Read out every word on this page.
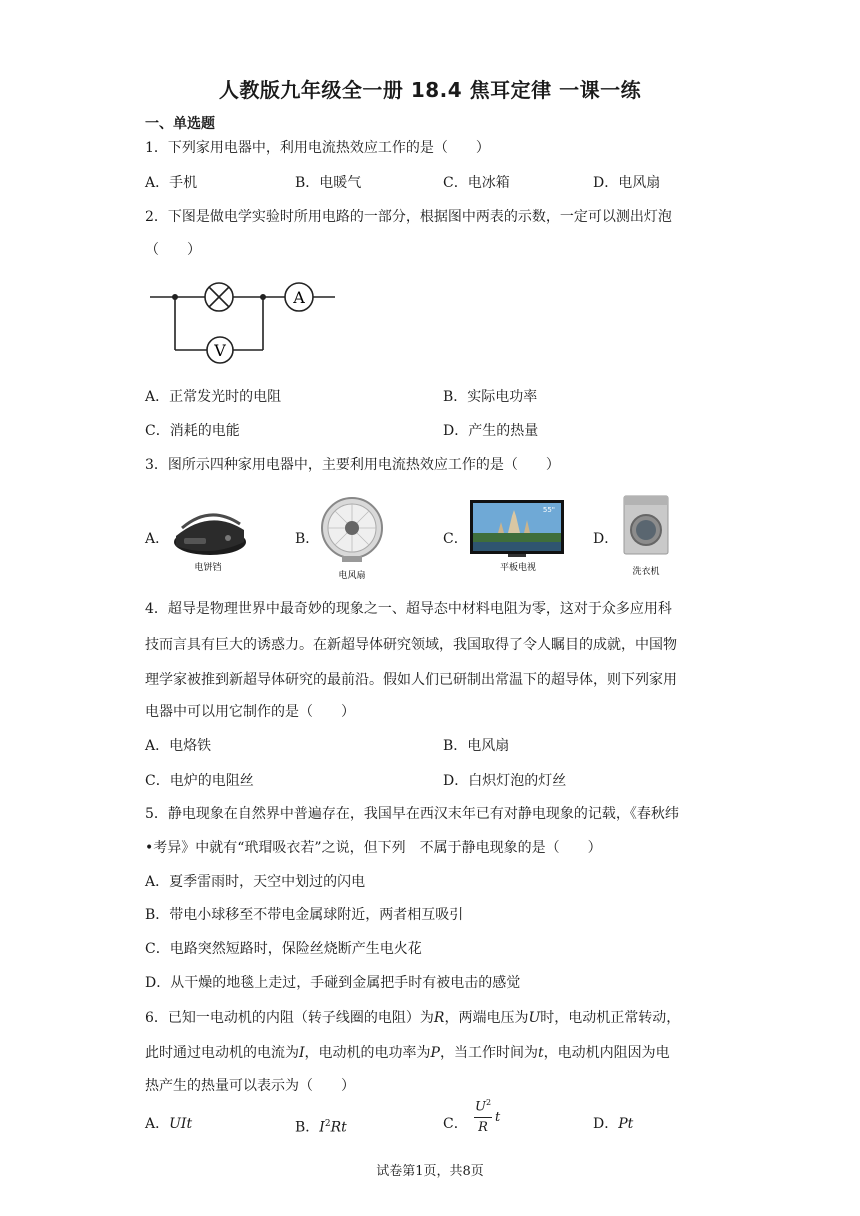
人教版九年级全一册 18.4 焦耳定律 一课一练
一、单选题
1．下列家用电器中，利用电流热效应工作的是（　　）
A．手机	B．电暖气	C．电冰箱	D．电风扇
2．下图是做电学实验时所用电路的一部分，根据图中两表的示数，一定可以测出灯泡
（　　）
A
V
A．正常发光时的电阻	B．实际电功率
C．消耗的电能	D．产生的热量
3．图所示四种家用电器中，主要利用电流热效应工作的是（　　）
A．
电饼铛
B．
电风扇
C．
55"
平板电视
D．
洗衣机
4．超导是物理世界中最奇妙的现象之一、超导态中材料电阻为零，这对于众多应用科
技而言具有巨大的诱惑力。在新超导体研究领域，我国取得了令人瞩目的成就，中国物
理学家被推到新超导体研究的最前沿。假如人们已研制出常温下的超导体，则下列家用
电器中可以用它制作的是（　　）
A．电烙铁	B．电风扇
C．电炉的电阻丝	D．白炽灯泡的灯丝
5．静电现象在自然界中普遍存在，我国早在西汉末年已有对静电现象的记载，《春秋纬
•考异》中就有“玳瑁吸衣若”之说，但下列　不属于静电现象的是（　　）
A．夏季雷雨时，天空中划过的闪电
B．带电小球移至不带电金属球附近，两者相互吸引
C．电路突然短路时，保险丝烧断产生电火花
D．从干燥的地毯上走过，手碰到金属把手时有被电击的感觉
6．已知一电动机的内阻（转子线圈的电阻）为R，两端电压为U时，电动机正常转动，
此时通过电动机的电流为I，电动机的电功率为P，当工作时间为t，电动机内阻因为电
热产生的热量可以表示为（　　）
A．UIt	B．$I^2Rt$	C．
$U^2$
R
t	D．Pt
试卷第1页，共8页
